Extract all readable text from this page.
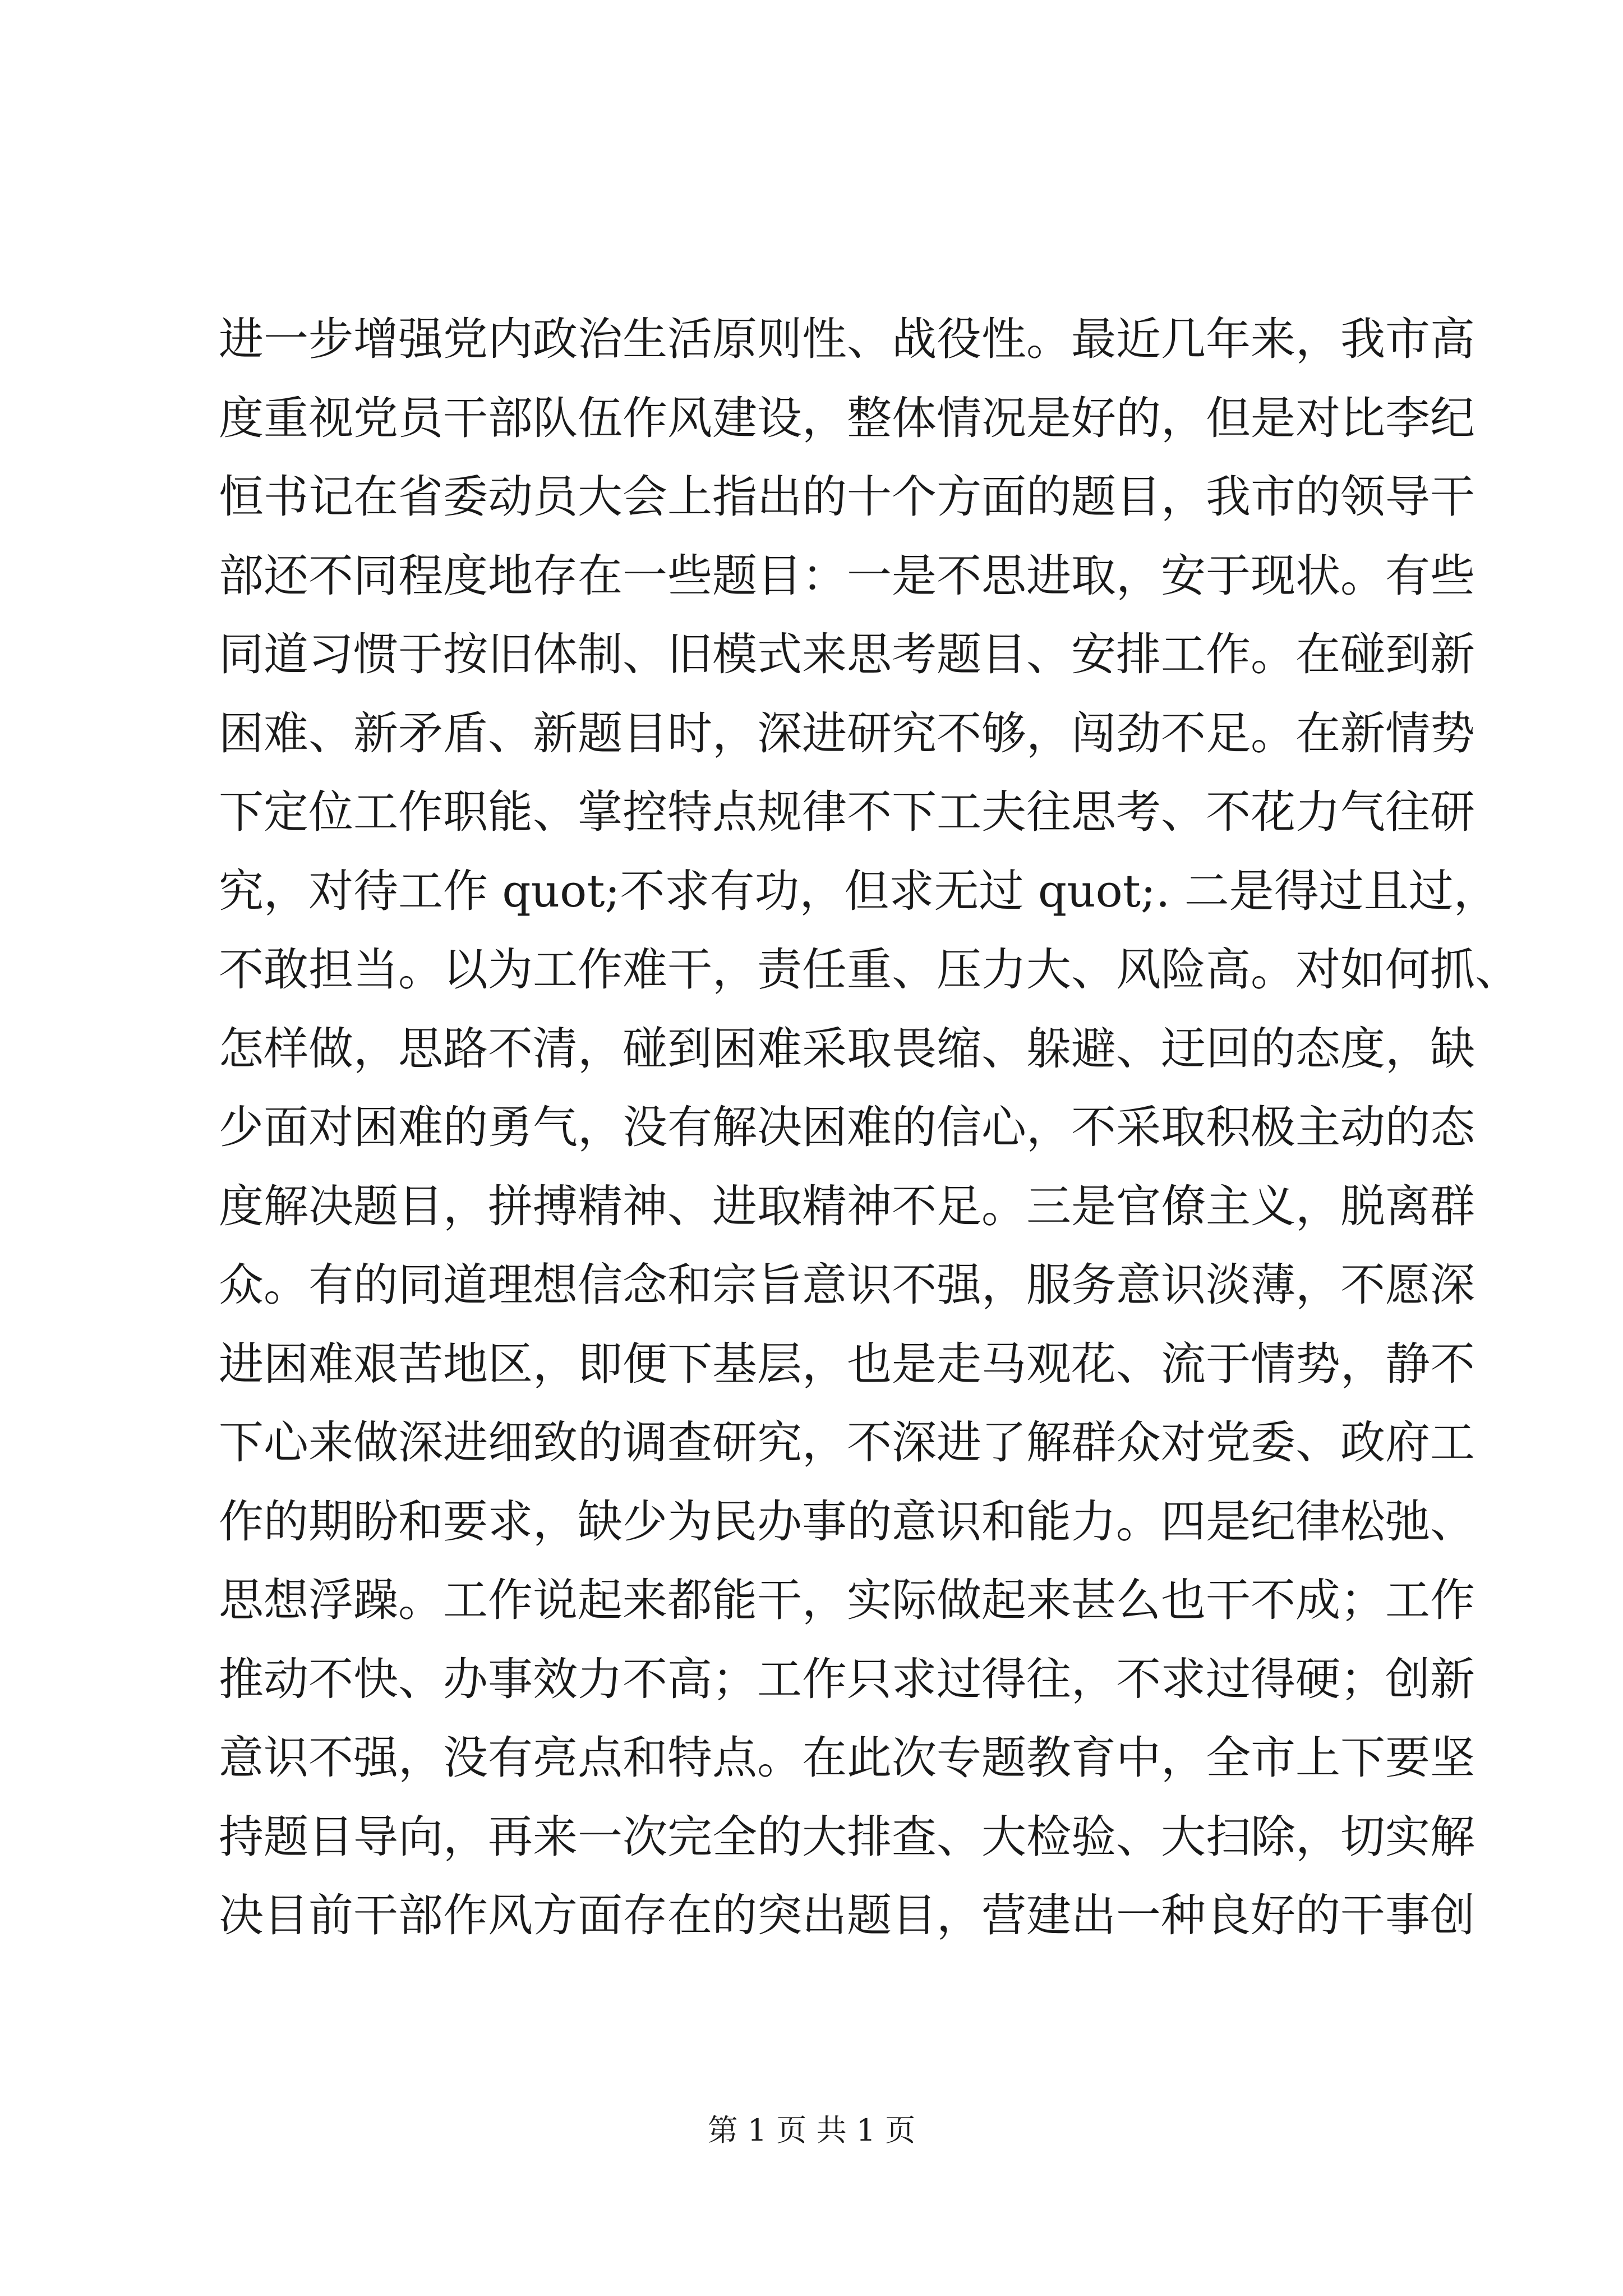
进一步增强党内政治生活原则性、战役性。最近几年来，我市高
度重视党员干部队伍作风建设，整体情况是好的，但是对比李纪
恒书记在省委动员大会上指出的十个方面的题目，我市的领导干
部还不同程度地存在一些题目：一是不思进取，安于现状。有些
同道习惯于按旧体制、旧模式来思考题目、安排工作。在碰到新
困难、新矛盾、新题目时，深进研究不够，闯劲不足。在新情势
下定位工作职能、掌控特点规律不下工夫往思考、不花力气往研
究，对待工作 quot;不求有功，但求无过 quot;. 二是得过且过，
不敢担当。以为工作难干，责任重、压力大、风险高。对如何抓、
怎样做，思路不清，碰到困难采取畏缩、躲避、迂回的态度，缺
少面对困难的勇气，没有解决困难的信心，不采取积极主动的态
度解决题目，拼搏精神、进取精神不足。三是官僚主义，脱离群
众。有的同道理想信念和宗旨意识不强，服务意识淡薄，不愿深
进困难艰苦地区，即便下基层，也是走马观花、流于情势，静不
下心来做深进细致的调查研究，不深进了解群众对党委、政府工
作的期盼和要求，缺少为民办事的意识和能力。四是纪律松弛、
思想浮躁。工作说起来都能干，实际做起来甚么也干不成；工作
推动不快、办事效力不高；工作只求过得往，不求过得硬；创新
意识不强，没有亮点和特点。在此次专题教育中，全市上下要坚
持题目导向，再来一次完全的大排查、大检验、大扫除，切实解
决目前干部作风方面存在的突出题目，营建出一种良好的干事创
第 1 页 共 1 页
